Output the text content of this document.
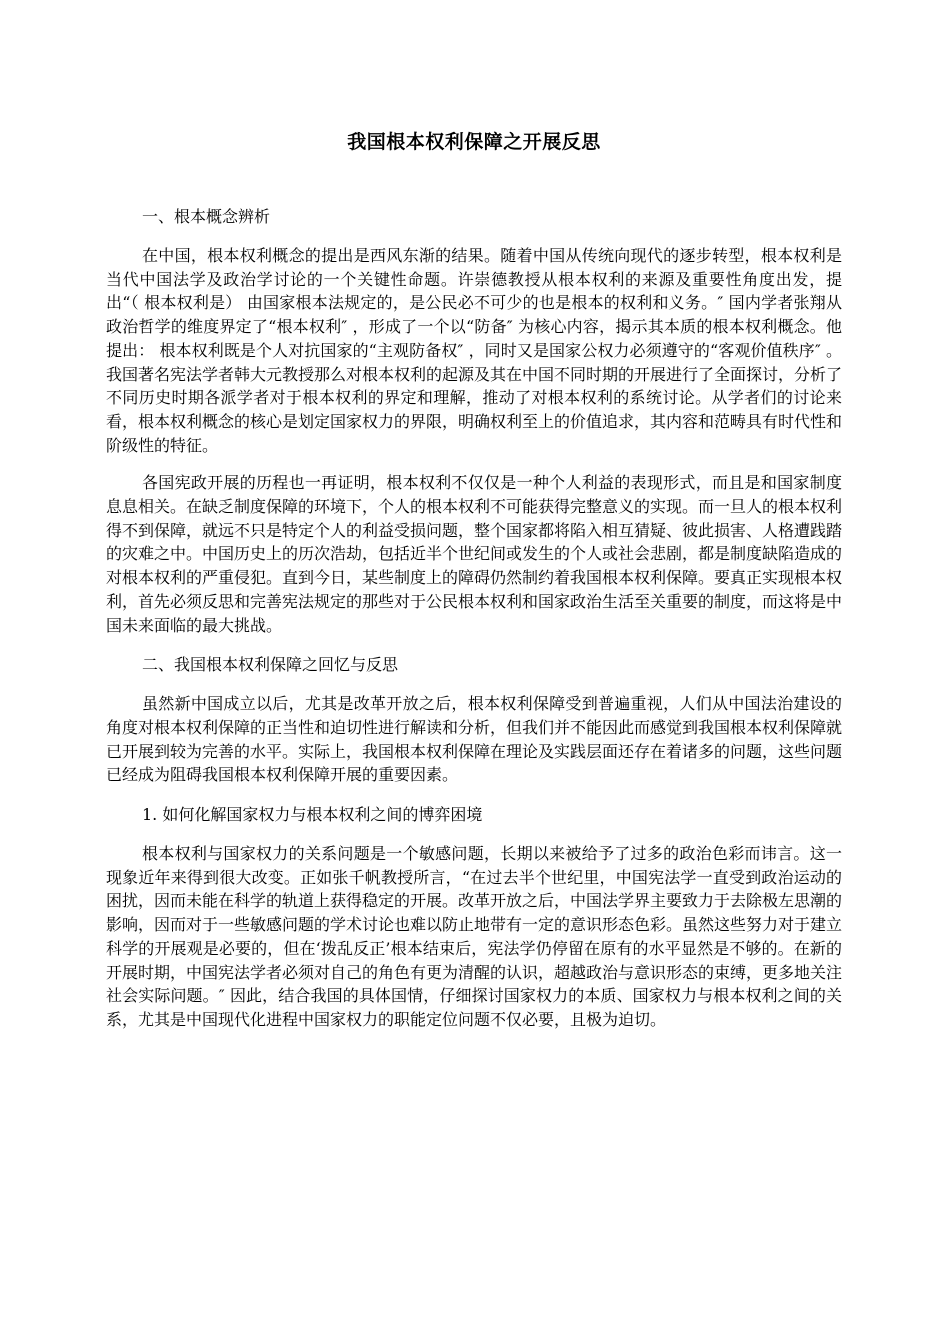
我国根本权利保障之开展反思
一、根本概念辨析
在中国，根本权利概念的提出是西风东渐的结果。随着中国从传统向现代的逐步转型，根本权利是当代中国法学及政治学讨论的一个关键性命题。许崇德教授从根本权利的来源及重要性角度出发，提出“（ 根本权利是） 由国家根本法规定的，是公民必不可少的也是根本的权利和义务。″ 国内学者张翔从政治哲学的维度界定了“根本权利″ ，形成了一个以“防备″ 为核心内容，揭示其本质的根本权利概念。他提出： 根本权利既是个人对抗国家的“主观防备权″ ，同时又是国家公权力必须遵守的“客观价值秩序″ 。我国著名宪法学者韩大元教授那么对根本权利的起源及其在中国不同时期的开展进行了全面探讨，分析了不同历史时期各派学者对于根本权利的界定和理解，推动了对根本权利的系统讨论。从学者们的讨论来看，根本权利概念的核心是划定国家权力的界限，明确权利至上的价值追求，其内容和范畴具有时代性和阶级性的特征。
各国宪政开展的历程也一再证明，根本权利不仅仅是一种个人利益的表现形式，而且是和国家制度息息相关。在缺乏制度保障的环境下，个人的根本权利不可能获得完整意义的实现。而一旦人的根本权利得不到保障，就远不只是特定个人的利益受损问题，整个国家都将陷入相互猜疑、彼此损害、人格遭践踏的灾难之中。中国历史上的历次浩劫，包括近半个世纪间或发生的个人或社会悲剧，都是制度缺陷造成的对根本权利的严重侵犯。直到今日，某些制度上的障碍仍然制约着我国根本权利保障。要真正实现根本权利，首先必须反思和完善宪法规定的那些对于公民根本权利和国家政治生活至关重要的制度，而这将是中国未来面临的最大挑战。
二、我国根本权利保障之回忆与反思
虽然新中国成立以后，尤其是改革开放之后，根本权利保障受到普遍重视，人们从中国法治建设的角度对根本权利保障的正当性和迫切性进行解读和分析，但我们并不能因此而感觉到我国根本权利保障就已开展到较为完善的水平。实际上，我国根本权利保障在理论及实践层面还存在着诸多的问题，这些问题已经成为阻碍我国根本权利保障开展的重要因素。
1. 如何化解国家权力与根本权利之间的博弈困境
根本权利与国家权力的关系问题是一个敏感问题，长期以来被给予了过多的政治色彩而讳言。这一现象近年来得到很大改变。正如张千帆教授所言，“在过去半个世纪里，中国宪法学一直受到政治运动的困扰，因而未能在科学的轨道上获得稳定的开展。改革开放之后，中国法学界主要致力于去除极左思潮的影响，因而对于一些敏感问题的学术讨论也难以防止地带有一定的意识形态色彩。虽然这些努力对于建立科学的开展观是必要的，但在‘拨乱反正’根本结束后，宪法学仍停留在原有的水平显然是不够的。在新的开展时期，中国宪法学者必须对自己的角色有更为清醒的认识，超越政治与意识形态的束缚，更多地关注社会实际问题。″ 因此，结合我国的具体国情，仔细探讨国家权力的本质、国家权力与根本权利之间的关系，尤其是中国现代化进程中国家权力的职能定位问题不仅必要，且极为迫切。
